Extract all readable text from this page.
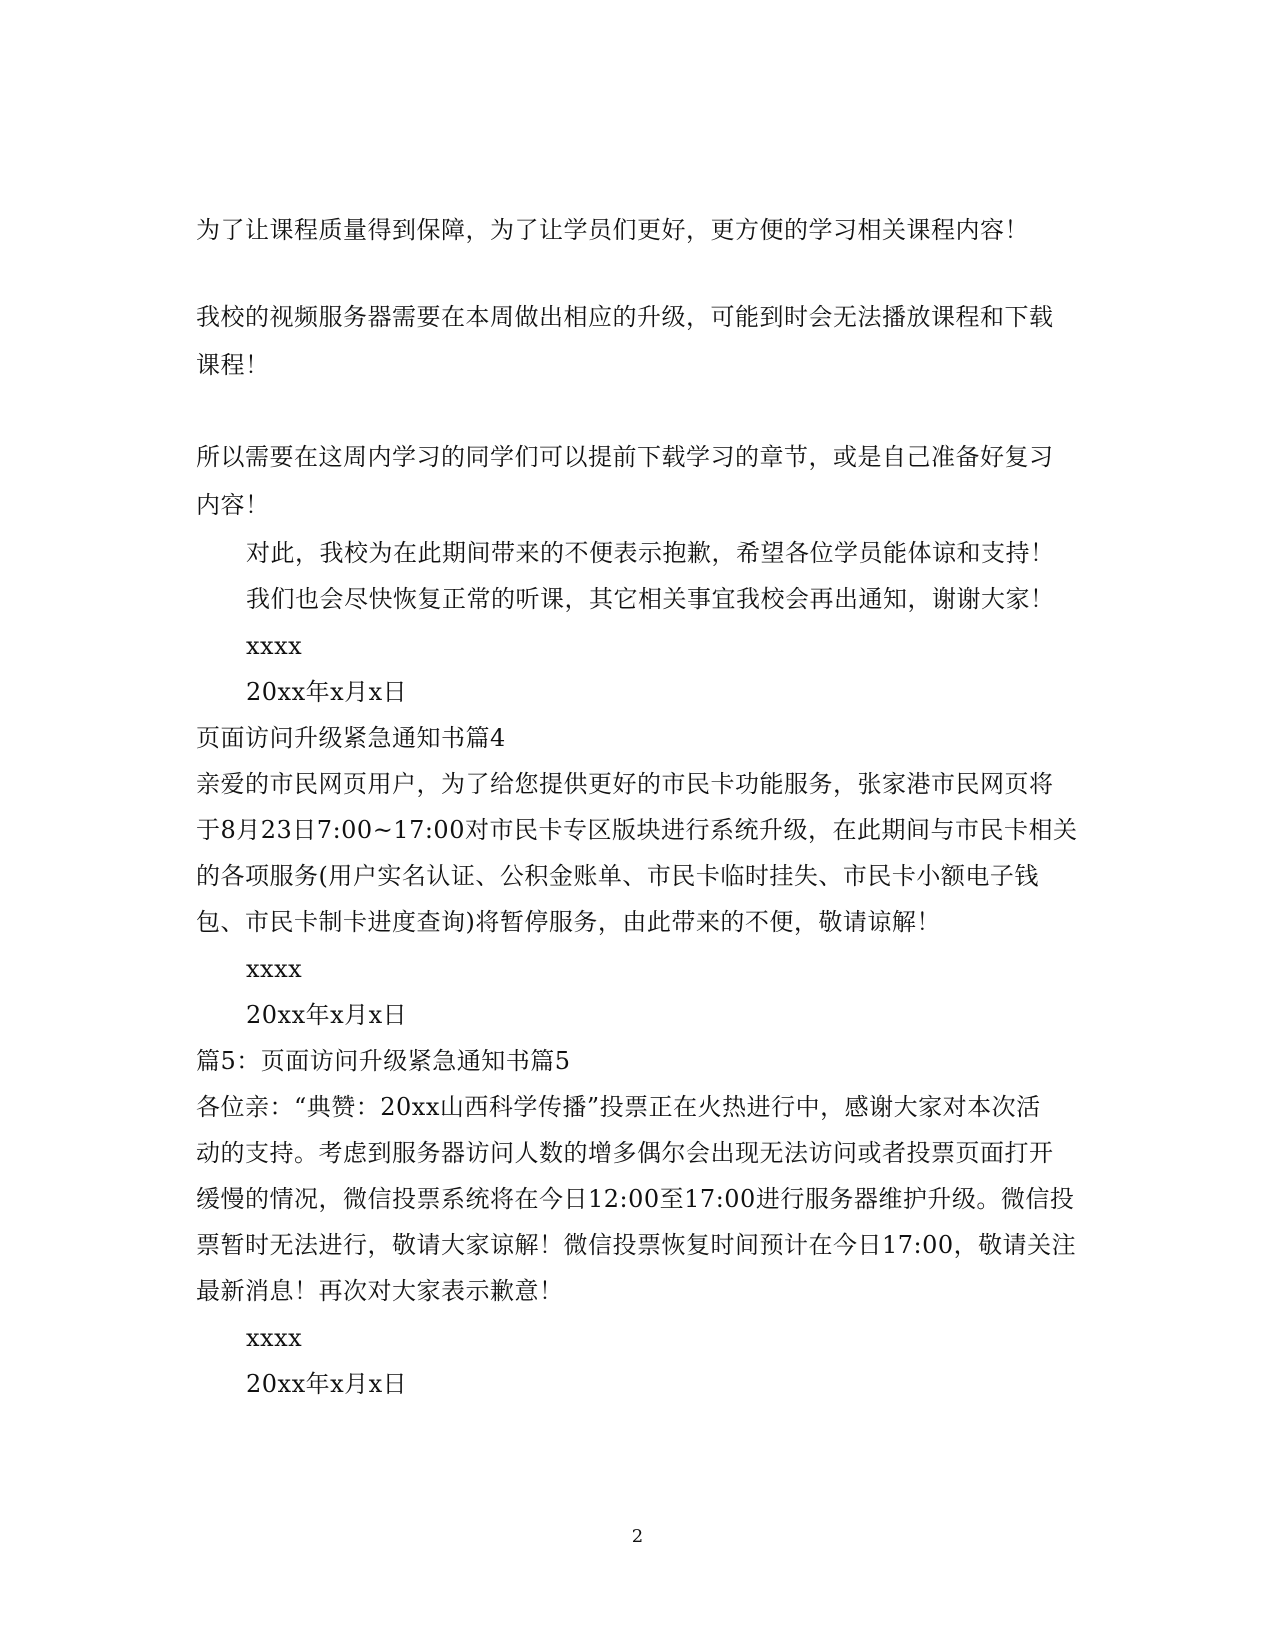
为了让课程质量得到保障，为了让学员们更好，更方便的学习相关课程内容！
我校的视频服务器需要在本周做出相应的升级，可能到时会无法播放课程和下载
课程！
所以需要在这周内学习的同学们可以提前下载学习的章节，或是自己准备好复习
内容！
对此，我校为在此期间带来的不便表示抱歉，希望各位学员能体谅和支持！
我们也会尽快恢复正常的听课，其它相关事宜我校会再出通知，谢谢大家！
xxxx
20xx年x月x日
页面访问升级紧急通知书篇4
亲爱的市民网页用户，为了给您提供更好的市民卡功能服务，张家港市民网页将
于8月23日7:00~17:00对市民卡专区版块进行系统升级，在此期间与市民卡相关
的各项服务(用户实名认证、公积金账单、市民卡临时挂失、市民卡小额电子钱
包、市民卡制卡进度查询)将暂停服务，由此带来的不便，敬请谅解！
xxxx
20xx年x月x日
篇5：页面访问升级紧急通知书篇5
各位亲：“典赞：20xx山西科学传播”投票正在火热进行中，感谢大家对本次活
动的支持。考虑到服务器访问人数的增多偶尔会出现无法访问或者投票页面打开
缓慢的情况，微信投票系统将在今日12:00至17:00进行服务器维护升级。微信投
票暂时无法进行，敬请大家谅解！微信投票恢复时间预计在今日17:00，敬请关注
最新消息！再次对大家表示歉意！
xxxx
20xx年x月x日
2
